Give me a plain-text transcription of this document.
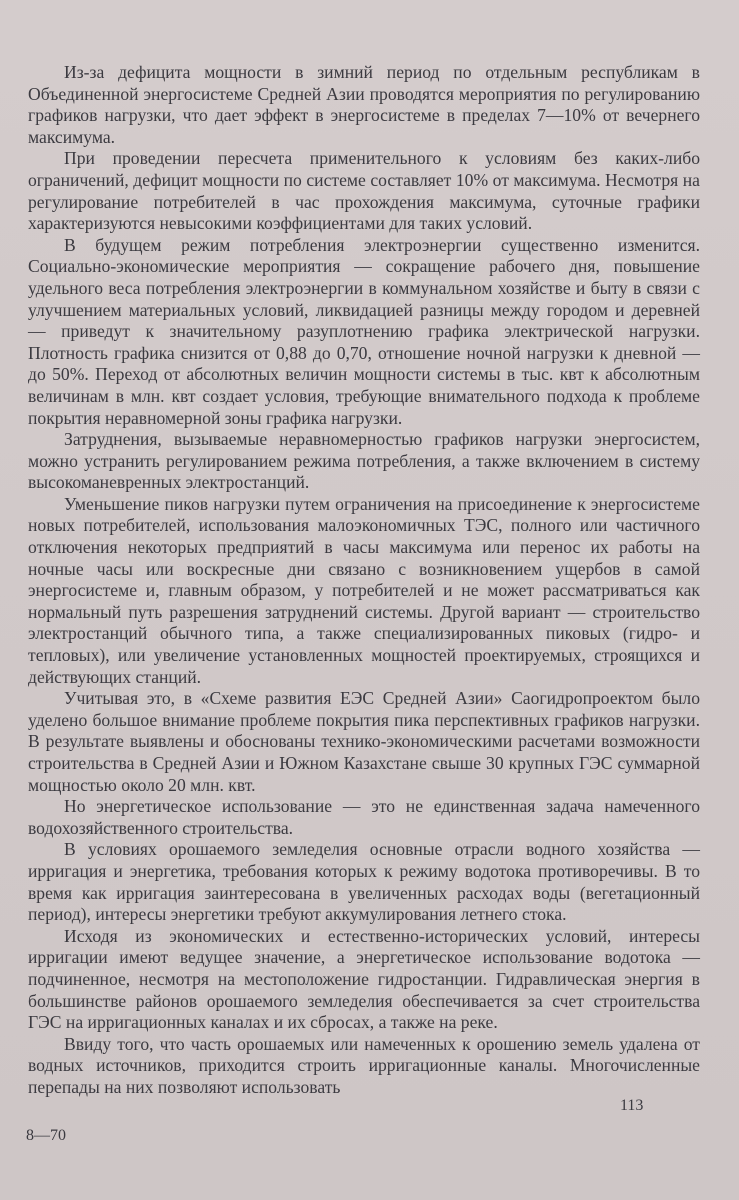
Из-за дефицита мощности в зимний период по отдельным республикам в Объединенной энергосистеме Средней Азии проводятся мероприятия по регулированию графиков нагрузки, что дает эффект в энергосистеме в пределах 7—10% от вечернего максимума.

При проведении пересчета применительного к условиям без каких-либо ограничений, дефицит мощности по системе составляет 10% от максимума. Несмотря на регулирование потребителей в час прохождения максимума, суточные графики характеризуются невысокими коэффициентами для таких условий.

В будущем режим потребления электроэнергии существенно изменится. Социально-экономические мероприятия — сокращение рабочего дня, повышение удельного веса потребления электроэнергии в коммунальном хозяйстве и быту в связи с улучшением материальных условий, ликвидацией разницы между городом и деревней — приведут к значительному разуплотнению графика электрической нагрузки. Плотность графика снизится от 0,88 до 0,70, отношение ночной нагрузки к дневной — до 50%. Переход от абсолютных величин мощности системы в тыс. квт к абсолютным величинам в млн. квт создает условия, требующие внимательного подхода к проблеме покрытия неравномерной зоны графика нагрузки.

Затруднения, вызываемые неравномерностью графиков нагрузки энергосистем, можно устранить регулированием режима потребления, а также включением в систему высокоманевренных электростанций.

Уменьшение пиков нагрузки путем ограничения на присоединение к энергосистеме новых потребителей, использования малоэкономичных ТЭС, полного или частичного отключения некоторых предприятий в часы максимума или перенос их работы на ночные часы или воскресные дни связано с возникновением ущербов в самой энергосистеме и, главным образом, у потребителей и не может рассматриваться как нормальный путь разрешения затруднений системы. Другой вариант — строительство электростанций обычного типа, а также специализированных пиковых (гидро- и тепловых), или увеличение установленных мощностей проектируемых, строящихся и действующих станций.

Учитывая это, в «Схеме развития ЕЭС Средней Азии» Саогидропроектом было уделено большое внимание проблеме покрытия пика перспективных графиков нагрузки. В результате выявлены и обоснованы технико-экономическими расчетами возможности строительства в Средней Азии и Южном Казахстане свыше 30 крупных ГЭС суммарной мощностью около 20 млн. квт.

Но энергетическое использование — это не единственная задача намеченного водохозяйственного строительства.

В условиях орошаемого земледелия основные отрасли водного хозяйства — ирригация и энергетика, требования которых к режиму водотока противоречивы. В то время как ирригация заинтересована в увеличенных расходах воды (вегетационный период), интересы энергетики требуют аккумулирования летнего стока.

Исходя из экономических и естественно-исторических условий, интересы ирригации имеют ведущее значение, а энергетическое использование водотока — подчиненное, несмотря на местоположение гидростанции. Гидравлическая энергия в большинстве районов орошаемого земледелия обеспечивается за счет строительства ГЭС на ирригационных каналах и их сбросах, а также на реке.

Ввиду того, что часть орошаемых или намеченных к орошению земель удалена от водных источников, приходится строить ирригационные каналы. Многочисленные перепады на них позволяют использовать

8—70
113
